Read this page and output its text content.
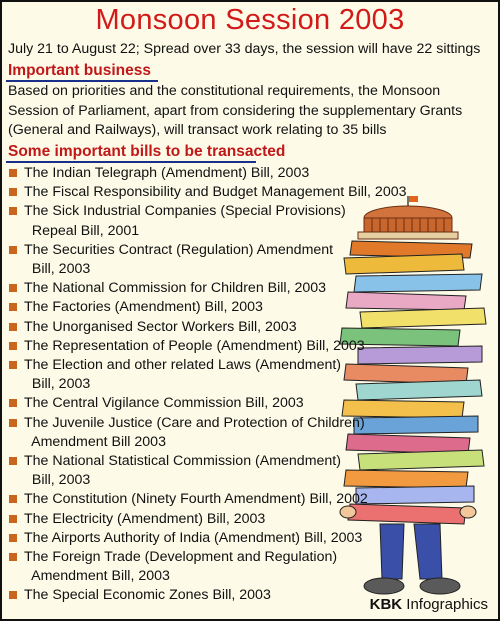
Monsoon Session 2003
July 21 to August 22; Spread over 33 days, the session will have 22 sittings
Important business
Based on priorities and the constitutional requirements, the Monsoon
Session of Parliament, apart from considering the supplementary Grants
(General and Railways), will transact work relating to 35 bills
Some important bills to be transacted
The Indian Telegraph (Amendment) Bill, 2003
The Fiscal Responsibility and Budget Management Bill, 2003
The Sick Industrial Companies (Special Provisions)
Repeal Bill, 2001
The Securities Contract (Regulation) Amendment
Bill, 2003
The National Commission for Children Bill, 2003
The Factories (Amendment) Bill, 2003
The Unorganised Sector Workers Bill, 2003
The Representation of People (Amendment) Bill, 2003
The Election and other related Laws (Amendment)
Bill, 2003
The Central Vigilance Commission Bill, 2003
The Juvenile Justice (Care and Protection of Children)
Amendment Bill 2003
The National Statistical Commission (Amendment)
Bill, 2003
The Constitution (Ninety Fourth Amendment) Bill, 2002
The Electricity (Amendment) Bill, 2003
The Airports Authority of India (Amendment) Bill, 2003
The Foreign Trade (Development and Regulation)
Amendment Bill, 2003
The Special Economic Zones Bill, 2003
KBK Infographics
